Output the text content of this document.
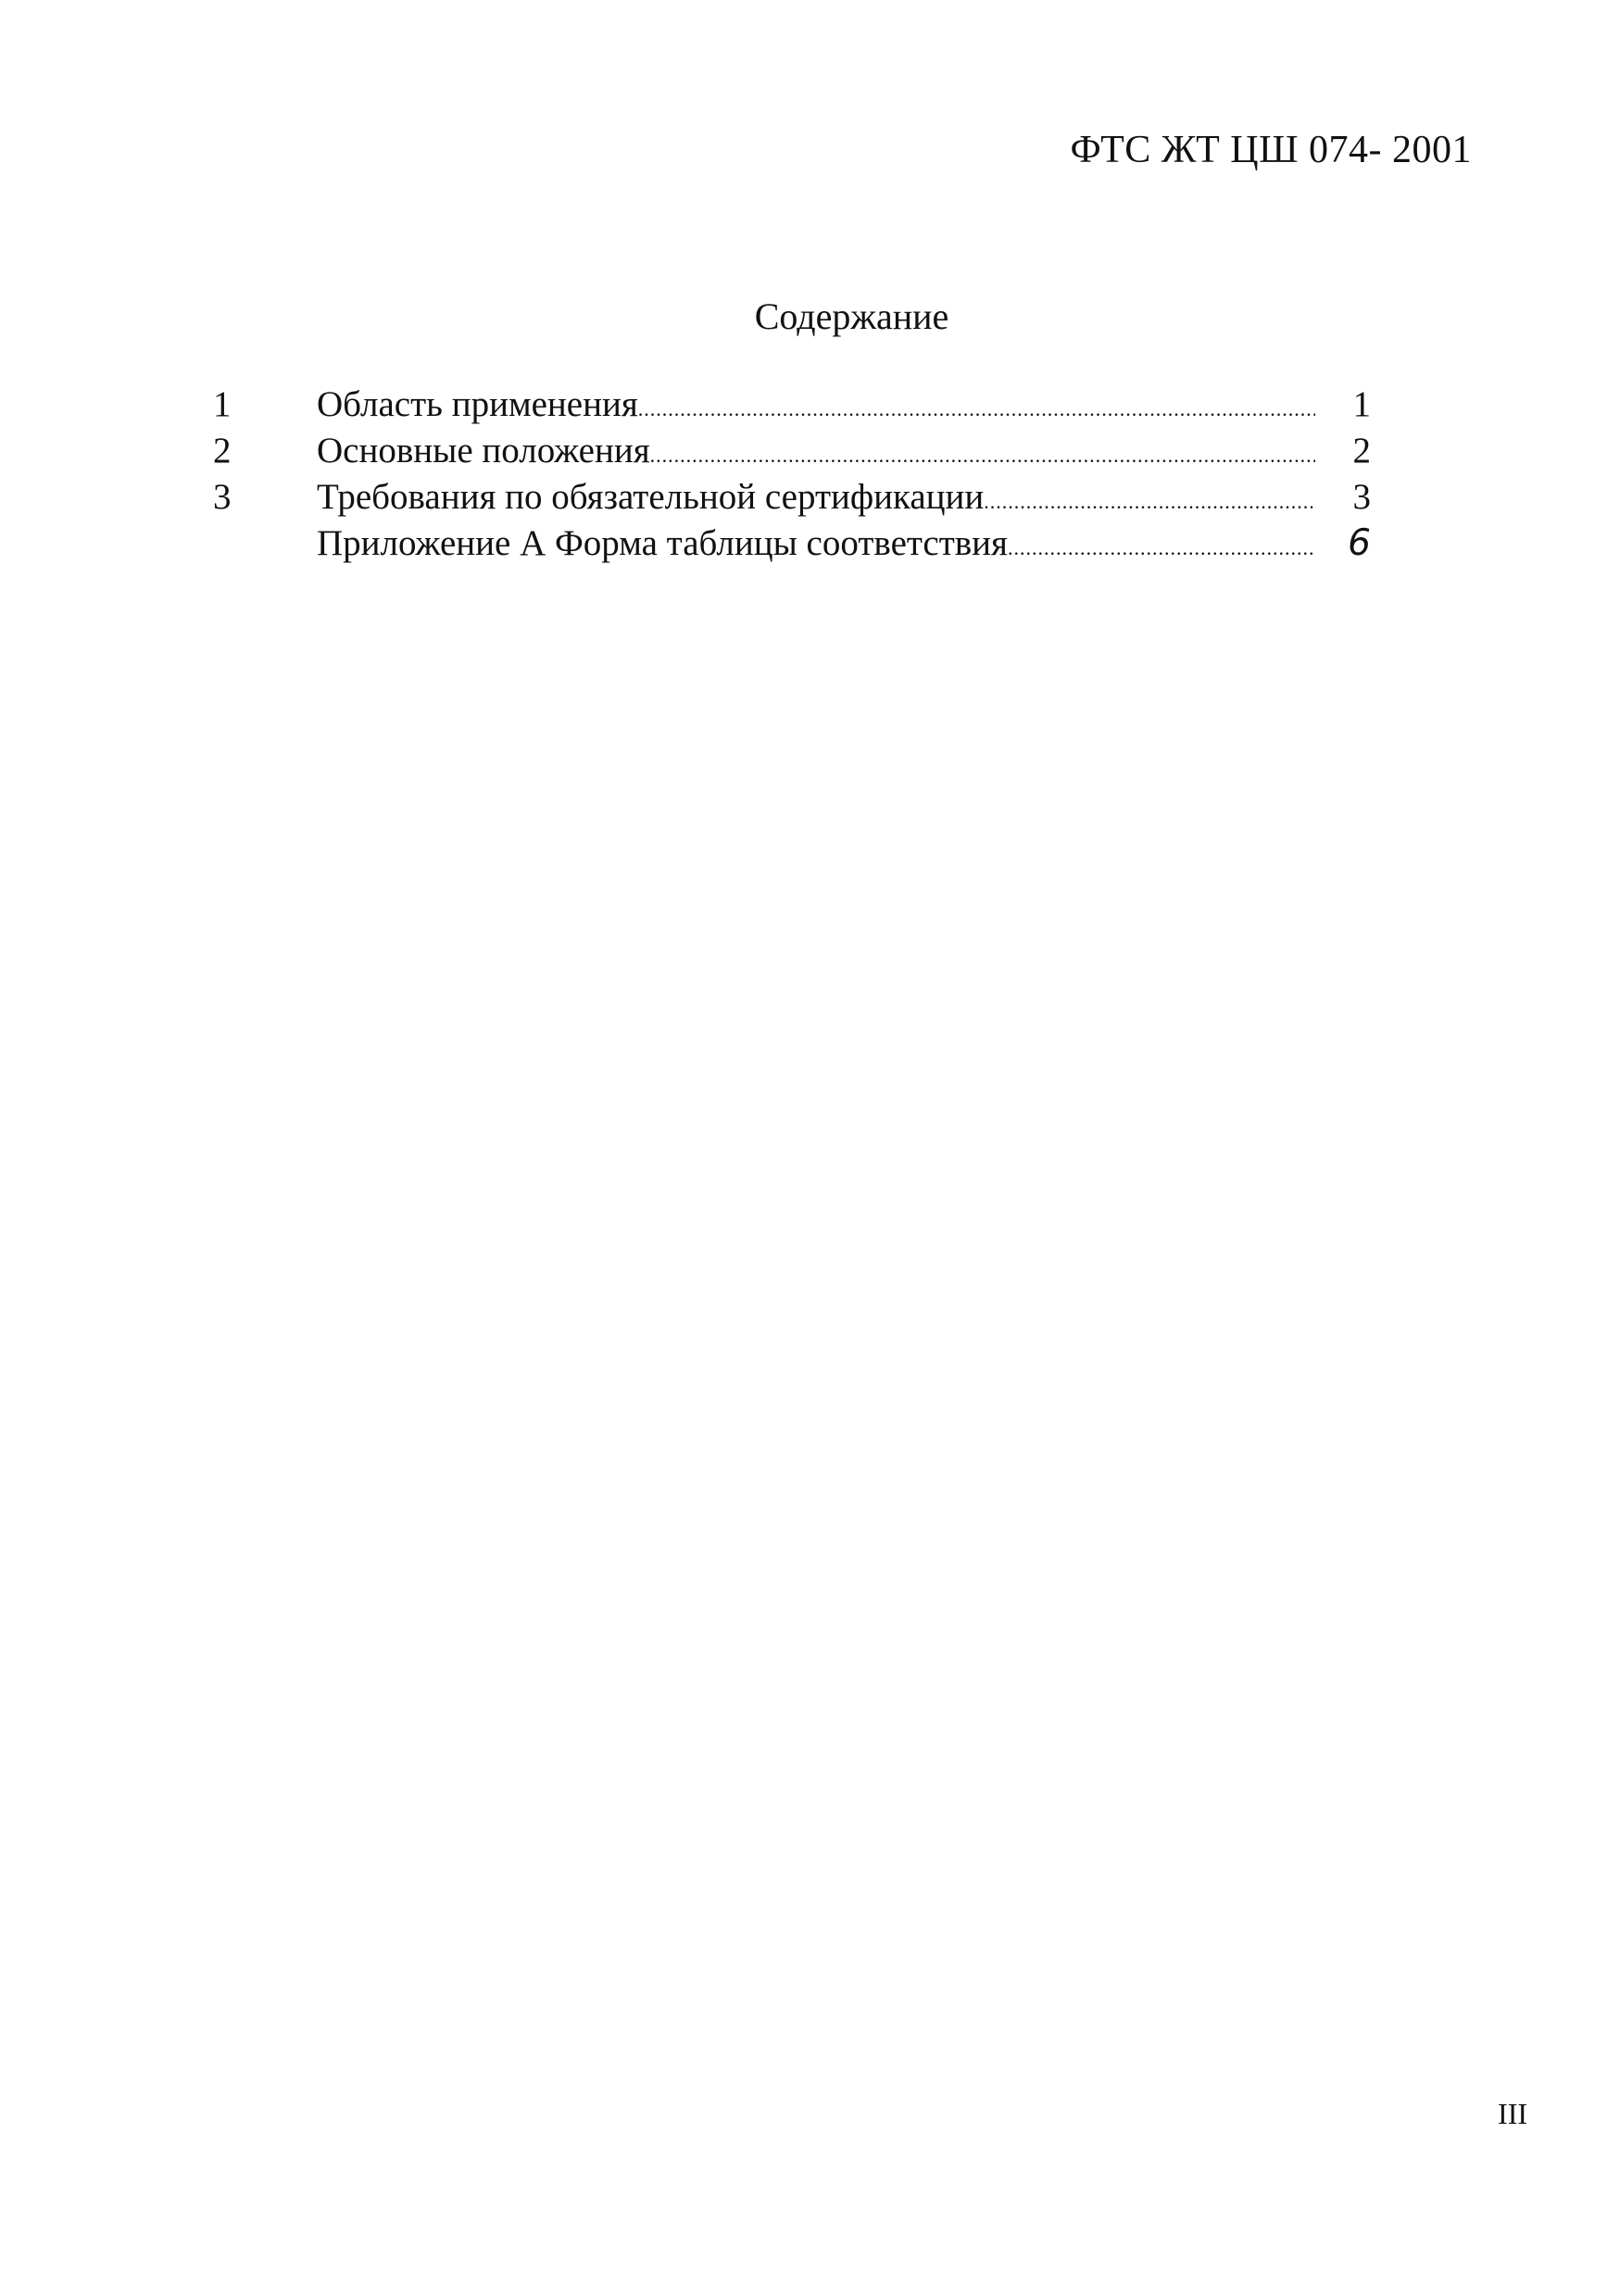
ФТС ЖТ ЦШ 074- 2001
Содержание
1	Область применения .....	1
2	Основные положения .....	2
3	Требования по обязательной сертификации .....	3
Приложение А Форма таблицы соответствия .....	6
III
